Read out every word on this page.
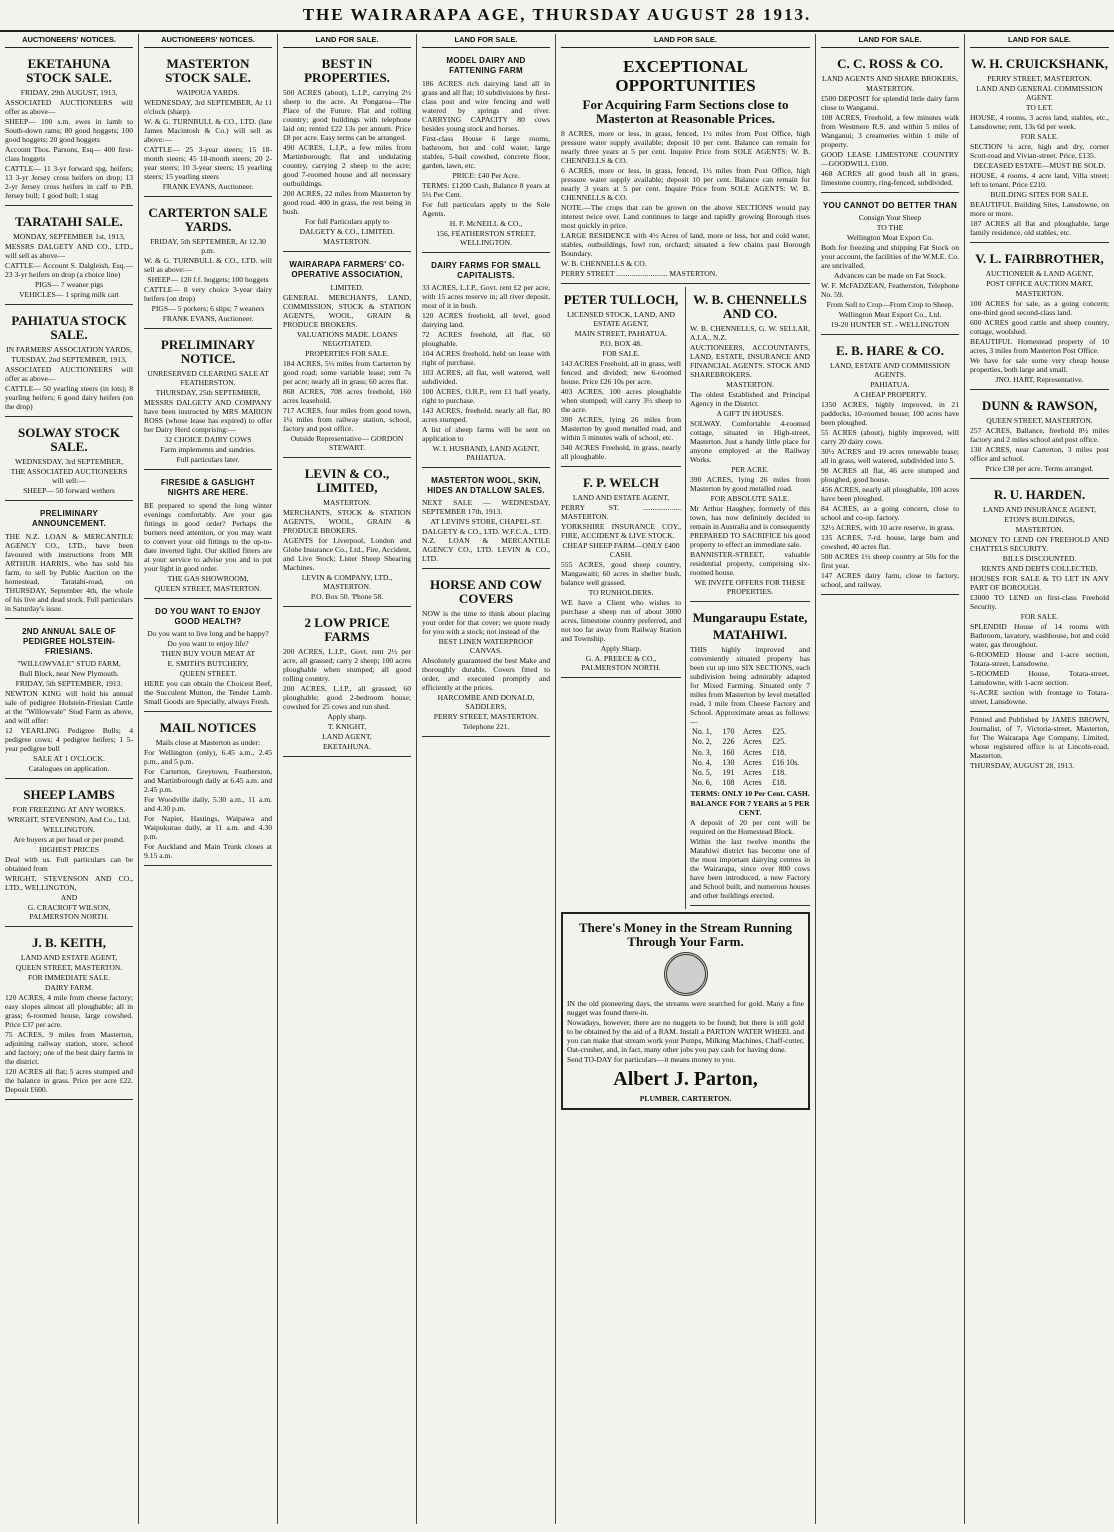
THE WAIRARAPA AGE, THURSDAY AUGUST 28 1913.
AUCTIONEERS' NOTICES.
EKETAHUNA STOCK SALE.
FRIDAY, 29th AUGUST, 1913,
ASSOCIATED AUCTIONEERS will offer as above—
SHEEP— 100 s.m. ewes in lamb to South-down rams; 80 good hoggets; 100 good hoggets; 20 good hoggets
Account Thos. Parsons, Esq— 400 first-class hoggets
CATTLE— 11 3-yr forward spg. heifers; 13 3-yr Jersey cross heifers on drop; 13 2-yr Jersey cross heifers in calf to P.B. Jersey bull; 1 good bull; 1 stag
TARATAHI SALE.
MONDAY, SEPTEMBER 1st, 1913,
MESSRS DALGETY AND CO., LTD., will sell as above—
CATTLE— Account S. Dalgleish, Esq.— 23 3-yr heifers on drop (a choice line)
PIGS— 7 weaner pigs
VEHICLES— 1 spring milk cart
PAHIATUA STOCK SALE.
IN FARMERS' ASSOCIATION YARDS,
TUESDAY, 2nd SEPTEMBER, 1913,
ASSOCIATED AUCTIONEERS will offer as above—
CATTLE— 50 yearling steers (in lots); 8 yearling heifers; 6 good dairy heifers (on the drop)
SOLWAY STOCK SALE.
WEDNESDAY, 3rd SEPTEMBER,
THE ASSOCIATED AUCTIONEERS will sell:—
SHEEP— 50 forward wethers
PRELIMINARY ANNOUNCEMENT.
THE N.Z. LOAN & MERCANTILE AGENCY CO., LTD., have been favoured with instructions from MR ARTHUR HARRIS, who has sold his farm, to sell by Public Auction on the homestead, Taratahi-road, on THURSDAY, September 4th, the whole of his live and dead stock. Full particulars in Saturday's issue.
2ND ANNUAL SALE OF PEDIGREE HOLSTEIN-FRIESIANS.
"WILLOWVALE" STUD FARM,
Bull Block, near New Plymouth.
FRIDAY, 5th SEPTEMBER, 1913.
NEWTON KING will hold his annual sale of pedigree Holstein-Friesian Cattle at the "Willowvale" Stud Farm as above, and will offer:
12 YEARLING Pedigree Bulls; 4 pedigree cows; 4 pedigree heifers; 1 5-year pedigree bull
SALE AT 1 O'CLOCK.
Catalogues on application.
SHEEP LAMBS
FOR FREEZING AT ANY WORKS.
WRIGHT, STEVENSON, And Co., Ltd.
WELLINGTON.
Are buyers at per head or per pound.
HIGHEST PRICES
Deal with us. Full particulars can be obtained from
WRIGHT, STEVENSON AND CO., LTD., WELLINGTON,
AND
G. CRACROFT WILSON, PALMERSTON NORTH.
J. B. KEITH,
LAND AND ESTATE AGENT,
QUEEN STREET, MASTERTON.
FOR IMMEDIATE SALE.
DAIRY FARM.
120 ACRES, 4 mile from cheese factory; easy slopes almost all ploughable; all in grass; 6-roomed house, large cowshed. Price £37 per acre.
75 ACRES, 9 miles from Masterton, adjoining railway station, store, school and factory; one of the best dairy farms in the district.
120 ACRES all flat; 5 acres stumped and the balance in grass. Price per acre £22. Deposit £600.
AUCTIONEERS' NOTICES.
MASTERTON STOCK SALE.
WAIPOUA YARDS.
WEDNESDAY, 3rd SEPTEMBER, At 11 o'clock (sharp).
W. & G. TURNBULL & CO., LTD. (late James Macintosh & Co.) will sell as above:—
CATTLE— 25 3-year steers; 15 18-month steers; 45 18-month steers; 20 2-year steers; 10 3-year steers; 15 yearling steers; 15 yearling steers
FRANK EVANS, Auctioneer.
CARTERTON SALE YARDS.
FRIDAY, 5th SEPTEMBER, At 12.30 p.m.
W. & G. TURNBULL & CO., LTD. will sell as above:—
SHEEP— 120 f.f. hoggets; 100 hoggets
CATTLE— 8 very choice 3-year dairy heifers (on drop)
PIGS— 5 porkers; 6 slips; 7 weaners
FRANK EVANS, Auctioneer.
PRELIMINARY NOTICE.
UNRESERVED CLEARING SALE AT FEATHERSTON.
THURSDAY, 25th SEPTEMBER,
MESSRS DALGETY AND COMPANY have been instructed by MRS MARION ROSS (whose lease has expired) to offer her Dairy Herd comprising:—
32 CHOICE DAIRY COWS
Farm implements and sundries.
Full particulars later.
FIRESIDE & GASLIGHT NIGHTS ARE HERE.
BE prepared to spend the long winter evenings comfortably. Are your gas fittings in good order? Perhaps the burners need attention, or you may want to convert your old fittings to the up-to-date inverted light. Our skilled fitters are at your service to advise you and to put your light in good order.
THE GAS SHOWROOM,
QUEEN STREET, MASTERTON.
DO YOU WANT TO ENJOY GOOD HEALTH?
Do you want to live long and be happy?
Do you want to enjoy life?
THEN BUY YOUR MEAT AT
E. SMITH'S BUTCHERY,
QUEEN STREET.
HERE you can obtain the Choicest Beef, the Succulent Mutton, the Tender Lamb. Small Goods are Specially, always Fresh.
MAIL NOTICES
Mails close at Masterton as under:
For Wellington (only), 6.45 a.m., 2.45 p.m., and 5 p.m.
For Carterton, Greytown, Featherston, and Martinborough daily at 6.45 a.m. and 2.45 p.m.
For Woodville daily, 5.30 a.m., 11 a.m. and 4.30 p.m.
For Napier, Hastings, Waipawa and Waipukurau daily, at 11 a.m. and 4.30 p.m.
For Auckland and Main Trunk closes at 9.15 a.m.
LAND FOR SALE.
BEST IN PROPERTIES.
500 ACRES (about), L.I.P., carrying 2½ sheep to the acre. At Pongaroa—The Place of the Future. Flat and rolling country; good buildings with telephone laid on; rented £22 13s per annum. Price £8 per acre. Easy terms can be arranged.
490 ACRES, L.I.P., a few miles from Martinborough; flat and undulating country, carrying 2 sheep to the acre; good 7-roomed house and all necessary outbuildings.
200 ACRES, 22 miles from Masterton by good road. 400 in grass, the rest being in bush.
For full Particulars apply to
DALGETY & CO., LIMITED.
MASTERTON.
WAIRARAPA FARMERS' CO-OPERATIVE ASSOCIATION,
LIMITED.
GENERAL MERCHANTS, LAND, COMMISSION, STOCK & STATION AGENTS, WOOL, GRAIN & PRODUCE BROKERS.
VALUATIONS MADE. LOANS NEGOTIATED.
PROPERTIES FOR SALE.
184 ACRES, 5½ miles from Carterton by good road; some variable lease; rent 7s per acre; nearly all in grass; 60 acres flat.
868 ACRES, 708 acres freehold, 160 acres leasehold.
717 ACRES, four miles from good town, 1¼ miles from railway station, school, factory and post office.
Outside Representative— GORDON STEWART.
LEVIN & CO., LIMITED,
MASTERTON.
MERCHANTS, STOCK & STATION AGENTS, WOOL, GRAIN & PRODUCE BROKERS.
AGENTS for Liverpool, London and Globe Insurance Co., Ltd., Fire, Accident, and Live Stock; Lister Sheep Shearing Machines.
LEVIN & COMPANY, LTD., MASTERTON.
P.O. Box 50. 'Phone 58.
2 LOW PRICE FARMS
200 ACRES, L.I.P., Govt. rent 2½ per acre, all grassed; carry 2 sheep; 100 acres ploughable when stumped; all good rolling country.
200 ACRES, L.I.P., all grassed; 60 ploughable; good 2-bedroom house; cowshed for 25 cows and run shed.
Apply sharp.
T. KNIGHT,
LAND AGENT,
EKETAHUNA.
LAND FOR SALE.
MODEL DAIRY AND FATTENING FARM
186 ACRES rich dairying land all in grass and all flat; 10 subdivisions by first-class post and wire fencing and well watered by springs and river. CARRYING CAPACITY 80 cows besides young stock and horses.
First-class House 6 large rooms, bathroom, hot and cold water, large stables, 5-bail cowshed, concrete floor, garden, lawn, etc.
PRICE: £40 Per Acre.
TERMS: £1200 Cash, Balance 8 years at 5½ Per Cent.
For full particulars apply to the Sole Agents.
H. F. McNEILL & CO.,
156, FEATHERSTON STREET, WELLINGTON.
DAIRY FARMS FOR SMALL CAPITALISTS.
33 ACRES, L.I.P., Govt. rent £2 per acre, with 15 acres reserve in; all river deposit, most of it in bush.
120 ACRES freehold, all level, good dairying land.
72 ACRES freehold, all flat, 60 ploughable.
104 ACRES freehold, held on lease with right of purchase.
103 ACRES, all flat, well watered, well subdivided.
100 ACRES, O.R.P., rent £1 half yearly, right to purchase.
143 ACRES, freehold, nearly all flat, 80 acres stumped.
A list of sheep farms will be sent on application to
W. I. HUSBAND, LAND AGENT, PAHIATUA.
MASTERTON WOOL, SKIN, HIDES AN DTALLOW SALES.
NEXT SALE — WEDNESDAY, SEPTEMBER 17th, 1913.
AT LEVIN'S STORE, CHAPEL-ST.
DALGETY & CO., LTD. W.F.C.A., LTD. N.Z. LOAN & MERCANTILE AGENCY CO., LTD. LEVIN & CO., LTD.
HORSE AND COW COVERS
NOW is the time to think about placing your order for that cover; we quote ready for you with a stock; not instead of the
BEST LINEN WATERPROOF CANVAS.
Absolutely guaranteed the best Make and thoroughly durable. Covers fitted to order, and executed promptly and efficiently at the prices.
HARCOMBE AND DONALD, SADDLERS,
PERRY STREET, MASTERTON.
Telephone 221.
LAND FOR SALE.
EXCEPTIONAL OPPORTUNITIES
For Acquiring Farm Sections close to Masterton at Reasonable Prices.
8 ACRES, more or less, in grass, fenced, 1½ miles from Post Office, high pressure water supply available; deposit 10 per cent. Balance can remain for nearly three years at 5 per cent. Inquire Price from SOLE AGENTS: W. B. CHENNELLS & CO.
6 ACRES, more or less, in grass, fenced, 1½ miles from Post Office, high pressure water supply available; deposit 10 per cent. Balance can remain for nearly 3 years at 5 per cent. Inquire Price from SOLE AGENTS: W. B. CHENNELLS & CO.
NOTE.—The crops that can be grown on the above SECTIONS would pay interest twice over. Land continues to large and rapidly growing Borough rises most quickly in price.
LARGE RESIDENCE with 4½ Acres of land, more or less, hot and cold water, stables, outbuildings, fowl run, orchard; situated a few chains past Borough Boundary.
W. B. CHENNELLS & CO.
PERRY STREET ........................... MASTERTON.
PETER TULLOCH,
LICENSED STOCK, LAND, AND ESTATE AGENT,
MAIN STREET, PAHIATUA.
P.O. BOX 48.
FOR SALE.
143 ACRES Freehold, all in grass, well fenced and divided; new 6-roomed house. Price £26 10s per acre.
403 ACRES, 100 acres ploughable when stumped; will carry 3½ sheep to the acre.
390 ACRES, lying 26 miles from Masterton by good metalled road, and within 5 minutes walk of school, etc.
340 ACRES Freehold, in grass, nearly all ploughable.
F. P. WELCH
LAND AND ESTATE AGENT,
PERRY ST. .................... MASTERTON.
YORKSHIRE INSURANCE COY., FIRE, ACCIDENT & LIVE STOCK.
CHEAP SHEEP FARM—ONLY £400 CASH.
555 ACRES, good sheep country, Mangawaiti; 60 acres in shelter bush, balance well grassed.
TO RUNHOLDERS.
WE have a Client who wishes to purchase a sheep run of about 3000 acres, limestone country preferred, and not too far away from Railway Station and Township.
Apply Sharp.
G. A. PREECE & CO., PALMERSTON NORTH.
W. B. CHENNELLS AND CO.
W. B. CHENNELLS, G. W. SELLAR, A.I.A., N.Z.
AUCTIONEERS, ACCOUNTANTS, LAND, ESTATE, INSURANCE AND FINANCIAL AGENTS. STOCK AND SHAREBROKERS.
MASTERTON.
The oldest Established and Principal Agency in the District.
A GIFT IN HOUSES.
SOLWAY. Comfortable 4-roomed cottage, situated in High-street, Masterton. Just a handy little place for anyone employed at the Railway Works.
PER ACRE.
390 ACRES, lying 26 miles from Masterton by good metalled road.
FOR ABSOLUTE SALE.
Mr Arthur Haughey, formerly of this town, has now definitely decided to remain in Australia and is consequently PREPARED TO SACRIFICE his good property to effect an immediate sale.
BANNISTER-STREET, valuable residential property, comprising six-roomed house.
WE INVITE OFFERS FOR THESE PROPERTIES.
Mungaraupu Estate,
MATAHIWI.
THIS highly improved and conveniently situated property has been cut up into SIX SECTIONS, each subdivision being admirably adapted for Mixed Farming. Situated only 7 miles from Masterton by level metalled road, 1 mile from Cheese Factory and School. Approximate areas as follows:—
No. 1,	170	Acres	£25.
No. 2,	226	Acres	£25.
No. 3,	160	Acres	£18.
No. 4,	130	Acres	£16 10s.
No. 5,	191	Acres	£18.
No. 6,	108	Acres	£18.
TERMS: ONLY 10 Per Cent. CASH.
BALANCE FOR 7 YEARS at 5 PER CENT.
A deposit of 20 per cent will be required on the Homestead Block.
Within the last twelve months the Matahiwi district has become one of the most important dairying centres in the Wairarapa, since over 800 cows have been introduced, a new Factory and School built, and numerous houses and other buildings erected.
There's Money in the Stream Running Through Your Farm.
IN the old pioneering days, the streams were searched for gold. Many a fine nugget was found there-in.
Nowadays, however, there are no nuggets to be found; but there is still gold to be obtained by the aid of a RAM. Install a PARTON WATER WHEEL and you can make that stream work your Pumps, Milking Machines, Chaff-cutter, Oat-crusher, and, in fact, many other jobs you pay cash for having done.
Send TO-DAY for particulars—it means money to you.
Albert J. Parton,
PLUMBER. CARTERTON.
LAND FOR SALE.
C. C. ROSS & CO.
LAND AGENTS AND SHARE BROKERS,
MASTERTON.
£500 DEPOSIT for splendid little dairy farm close to Wanganui.
108 ACRES, Freehold, a few minutes walk from Westmere R.S. and within 5 miles of Wanganui; 3 creameries within 1 mile of property.
GOOD LEASE LIMESTONE COUNTRY—GOODWILL £100.
468 ACRES all good bush all in grass, limestone country, ring-fenced, subdivided.
YOU CANNOT DO BETTER THAN
Consign Your Sheep
TO THE
Wellington Meat Export Co.
Both for freezing and shipping Fat Stock on your account, the facilities of the W.M.E. Co. are unrivalled.
Advances can be made on Fat Stock.
W. F. McFADZEAN, Featherston, Telephone No. 59.
From Soll to Crop—From Crop to Sheep.
Wellington Meat Export Co., Ltd.
19-20 HUNTER ST. - WELLINGTON
E. B. HARE & CO.
LAND, ESTATE AND COMMISSION AGENTS.
PAHIATUA.
A CHEAP PROPERTY.
1350 ACRES, highly improved, in 21 paddocks, 10-roomed house; 100 acres have been ploughed.
55 ACRES (about), highly improved, will carry 20 dairy cows.
30½ ACRES and 19 acres renewable lease; all in grass, well watered, subdivided into 5.
98 ACRES all flat, 46 acre stumped and ploughed, good house.
456 ACRES, nearly all ploughable, 100 acres have been ploughed.
84 ACRES, as a going concern, close to school and co-op. factory.
32½ ACRES, with 10 acre reserve, in grass.
135 ACRES, 7-rd. house, large barn and cowshed, 40 acres flat.
500 ACRES 1½ sheep country at 50s for the first year.
147 ACRES dairy farm, close to factory, school, and railway.
LAND FOR SALE.
W. H. CRUICKSHANK,
PERRY STREET, MASTERTON.
LAND AND GENERAL COMMISSION AGENT.
TO LET.
HOUSE, 4 rooms, 3 acres land, stables, etc., Lansdowne; rent, 13s 6d per week.
FOR SALE.
SECTION ¼ acre, high and dry, corner Scott-road and Vivian-street. Price, £135.
DECEASED ESTATE—MUST BE SOLD.
HOUSE, 4 rooms, 4 acre land, Villa street; left to tenant. Price £210.
BUILDING SITES FOR SALE.
BEAUTIFUL Building Sites, Lansdowne, on more or more.
187 ACRES all flat and ploughable, large family residence, old stables, etc.
V. L. FAIRBROTHER,
AUCTIONEER & LAND AGENT,
POST OFFICE AUCTION MART,
MASTERTON.
100 ACRES for sale, as a going concern; one-third good second-class land.
600 ACRES good cattle and sheep country, cottage, woolshed.
BEAUTIFUL Homestead property of 10 acres, 3 miles from Masterton Post Office.
We have for sale some very cheap house properties, both large and small.
JNO. HART, Representative.
DUNN & RAWSON,
QUEEN STREET, MASTERTON.
257 ACRES, Ballance, freehold 8½ miles factory and 2 miles school and post office.
130 ACRES, near Carterton, 3 miles post office and school.
Price £38 per acre. Terms arranged.
R. U. HARDEN.
LAND AND INSURANCE AGENT,
ETON'S BUILDINGS,
MASTERTON.
MONEY TO LEND ON FREEHOLD AND CHATTELS SECURITY.
BILLS DISCOUNTED.
RENTS AND DEBTS COLLECTED.
HOUSES FOR SALE & TO LET IN ANY PART OF BOROUGH.
£3000 TO LEND on first-class Freehold Security.
FOR SALE.
SPLENDID House of 14 rooms with Bathroom, lavatory, washhouse, hot and cold water, gas throughout.
6-ROOMED House and 1-acre section, Totara-street, Lansdowne.
5-ROOMED House, Totara-street, Lansdowne, with 1-acre section.
¼-ACRE section with frontage to Totara-street, Lansdowne.
Printed and Published by JAMES BROWN, Journalist, of 7, Victoria-street, Masterton, for The Wairarapa Age Company, Limited, whose registered office is at Lincoln-road, Masterton.
THURSDAY, AUGUST 28, 1913.
